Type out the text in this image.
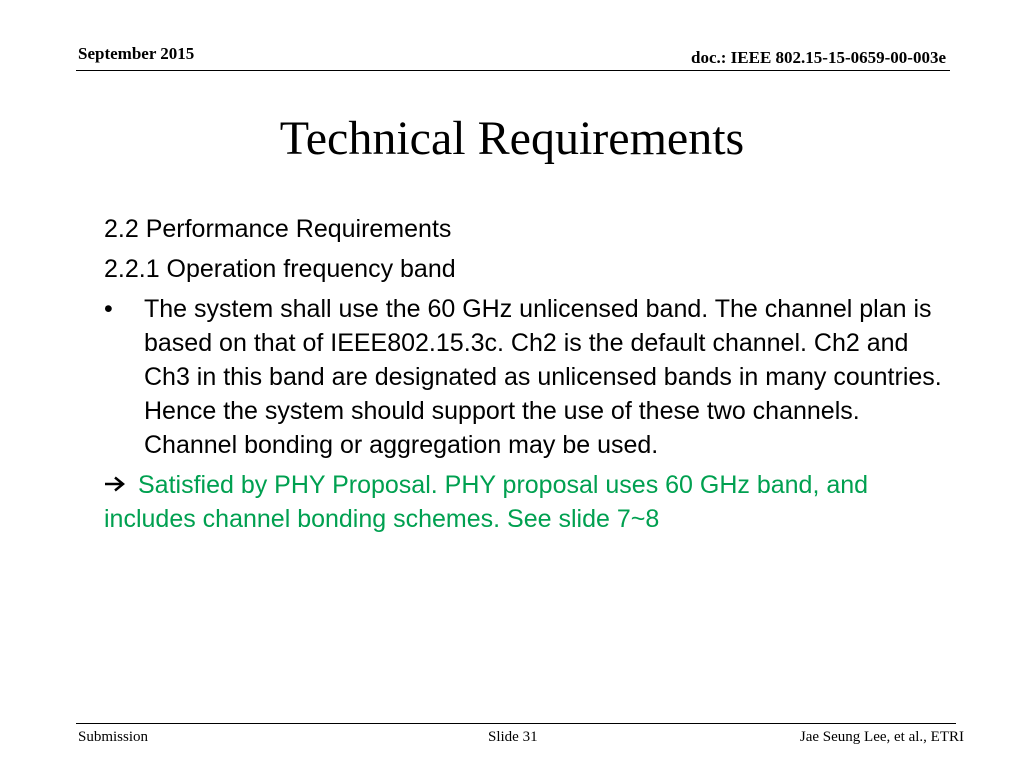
September 2015	doc.: IEEE 802.15-15-0659-00-003e
Technical Requirements

2.2 Performance Requirements

2.2.1 Operation frequency band

• The system shall use the 60 GHz unlicensed band. The channel plan is based on that of IEEE802.15.3c. Ch2 is the default channel. Ch2 and Ch3 in this band are designated as unlicensed bands in many countries. Hence the system should support the use of these two channels. Channel bonding or aggregation may be used.

Satisfied by PHY Proposal. PHY proposal uses 60 GHz band, and includes channel bonding schemes. See slide 7~8

Submission	Slide 31	Jae Seung Lee, et al., ETRI
